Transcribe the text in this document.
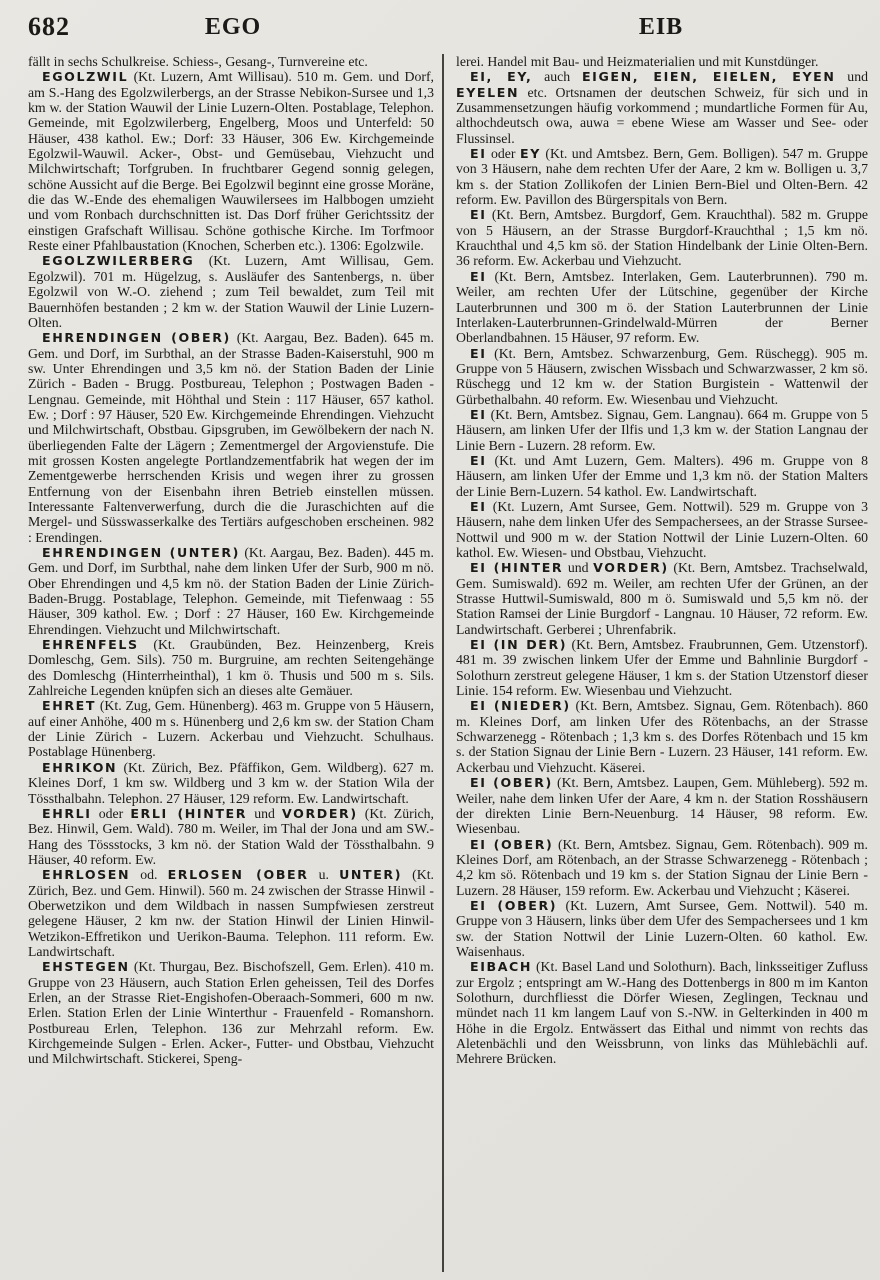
682	EGO	EIB

fällt in sechs Schulkreise. Schiess-, Gesang-, Turnvereine etc.

EGOLZWIL (Kt. Luzern, Amt Willisau). 510 m. Gem. und Dorf, am S.-Hang des Egolzwilerbergs, an der Strasse Nebikon-Sursee und 1,3 km w. der Station Wauwil der Linie Luzern-Olten. Postablage, Telephon. Gemeinde, mit Egolzwilerberg, Engelberg, Moos und Unterfeld: 50 Häuser, 438 kathol. Ew.; Dorf: 33 Häuser, 306 Ew. Kirchgemeinde Egolzwil-Wauwil. Acker-, Obst- und Gemüsebau, Viehzucht und Milchwirtschaft; Torfgruben. In fruchtbarer Gegend sonnig gelegen, schöne Aussicht auf die Berge. Bei Egolzwil beginnt eine grosse Moräne, die das W.-Ende des ehemaligen Wauwilersees im Halbbogen umzieht und vom Ronbach durchschnitten ist. Das Dorf früher Gerichtssitz der einstigen Grafschaft Willisau. Schöne gothische Kirche. Im Torfmoor Reste einer Pfahlbaustation (Knochen, Scherben etc.). 1306: Egolzwile.

EGOLZWILERBERG (Kt. Luzern, Amt Willisau, Gem. Egolzwil). 701 m. Hügelzug, s. Ausläufer des Santenbergs, n. über Egolzwil von W.-O. ziehend ; zum Teil bewaldet, zum Teil mit Bauernhöfen bestanden ; 2 km w. der Station Wauwil der Linie Luzern-Olten.

EHRENDINGEN (OBER) (Kt. Aargau, Bez. Baden). 645 m. Gem. und Dorf, im Surbthal, an der Strasse Baden-Kaiserstuhl, 900 m sw. Unter Ehrendingen und 3,5 km nö. der Station Baden der Linie Zürich - Baden - Brugg. Postbureau, Telephon ; Postwagen Baden - Lengnau. Gemeinde, mit Höhthal und Stein : 117 Häuser, 657 kathol. Ew. ; Dorf : 97 Häuser, 520 Ew. Kirchgemeinde Ehrendingen. Viehzucht und Milchwirtschaft, Obstbau. Gipsgruben, im Gewölbekern der nach N. überliegenden Falte der Lägern ; Zementmergel der Argovienstufe. Die mit grossen Kosten angelegte Portlandzementfabrik hat wegen der im Zementgewerbe herrschenden Krisis und wegen ihrer zu grossen Entfernung von der Eisenbahn ihren Betrieb einstellen müssen. Interessante Faltenverwerfung, durch die die Juraschichten auf die Mergel- und Süsswasserkalke des Tertiärs aufgeschoben erscheinen. 982 : Erendingen.

EHRENDINGEN (UNTER) (Kt. Aargau, Bez. Baden). 445 m. Gem. und Dorf, im Surbthal, nahe dem linken Ufer der Surb, 900 m nö. Ober Ehrendingen und 4,5 km nö. der Station Baden der Linie Zürich-Baden-Brugg. Postablage, Telephon. Gemeinde, mit Tiefenwaag : 55 Häuser, 309 kathol. Ew. ; Dorf : 27 Häuser, 160 Ew. Kirchgemeinde Ehrendingen. Viehzucht und Milchwirtschaft.

EHRENFELS (Kt. Graubünden, Bez. Heinzenberg, Kreis Domleschg, Gem. Sils). 750 m. Burgruine, am rechten Seitengehänge des Domleschg (Hinterrheinthal), 1 km ö. Thusis und 500 m s. Sils. Zahlreiche Legenden knüpfen sich an dieses alte Gemäuer.

EHRET (Kt. Zug, Gem. Hünenberg). 463 m. Gruppe von 5 Häusern, auf einer Anhöhe, 400 m s. Hünenberg und 2,6 km sw. der Station Cham der Linie Zürich - Luzern. Ackerbau und Viehzucht. Schulhaus. Postablage Hünenberg.

EHRIKON (Kt. Zürich, Bez. Pfäffikon, Gem. Wildberg). 627 m. Kleines Dorf, 1 km sw. Wildberg und 3 km w. der Station Wila der Tössthalbahn. Telephon. 27 Häuser, 129 reform. Ew. Landwirtschaft.

EHRLI oder ERLI (HINTER und VORDER) (Kt. Zürich, Bez. Hinwil, Gem. Wald). 780 m. Weiler, im Thal der Jona und am SW.-Hang des Tössstocks, 3 km nö. der Station Wald der Tössthalbahn. 9 Häuser, 40 reform. Ew.

EHRLOSEN od. ERLOSEN (OBER u. UNTER) (Kt. Zürich, Bez. und Gem. Hinwil). 560 m. 24 zwischen der Strasse Hinwil - Oberwetzikon und dem Wildbach in nassen Sumpfwiesen zerstreut gelegene Häuser, 2 km nw. der Station Hinwil der Linien Hinwil-Wetzikon-Effretikon und Uerikon-Bauma. Telephon. 111 reform. Ew. Landwirtschaft.

EHSTEGEN (Kt. Thurgau, Bez. Bischofszell, Gem. Erlen). 410 m. Gruppe von 23 Häusern, auch Station Erlen geheissen, Teil des Dorfes Erlen, an der Strasse Riet-Engishofen-Oberaach-Sommeri, 600 m nw. Erlen. Station Erlen der Linie Winterthur - Frauenfeld - Romanshorn. Postbureau Erlen, Telephon. 136 zur Mehrzahl reform. Ew. Kirchgemeinde Sulgen - Erlen. Acker-, Futter- und Obstbau, Viehzucht und Milchwirtschaft. Stickerei, Speng-

lerei. Handel mit Bau- und Heizmaterialien und mit Kunstdünger.

EI, EY, auch EIGEN, EIEN, EIELEN, EYEN und EYELEN etc. Ortsnamen der deutschen Schweiz, für sich und in Zusammensetzungen häufig vorkommend ; mundartliche Formen für Au, althochdeutsch owa, auwa = ebene Wiese am Wasser und See- oder Flussinsel.

EI oder EY (Kt. und Amtsbez. Bern, Gem. Bolligen). 547 m. Gruppe von 3 Häusern, nahe dem rechten Ufer der Aare, 2 km w. Bolligen u. 3,7 km s. der Station Zollikofen der Linien Bern-Biel und Olten-Bern. 42 reform. Ew. Pavillon des Bürgerspitals von Bern.

EI (Kt. Bern, Amtsbez. Burgdorf, Gem. Krauchthal). 582 m. Gruppe von 5 Häusern, an der Strasse Burgdorf-Krauchthal ; 1,5 km nö. Krauchthal und 4,5 km sö. der Station Hindelbank der Linie Olten-Bern. 36 reform. Ew. Ackerbau und Viehzucht.

EI (Kt. Bern, Amtsbez. Interlaken, Gem. Lauterbrunnen). 790 m. Weiler, am rechten Ufer der Lütschine, gegenüber der Kirche Lauterbrunnen und 300 m ö. der Station Lauterbrunnen der Linie Interlaken-Lauterbrunnen-Grindelwald-Mürren der Berner Oberlandbahnen. 15 Häuser, 97 reform. Ew.

EI (Kt. Bern, Amtsbez. Schwarzenburg, Gem. Rüschegg). 905 m. Gruppe von 5 Häusern, zwischen Wissbach und Schwarzwasser, 2 km sö. Rüschegg und 12 km w. der Station Burgistein - Wattenwil der Gürbethalbahn. 40 reform. Ew. Wiesenbau und Viehzucht.

EI (Kt. Bern, Amtsbez. Signau, Gem. Langnau). 664 m. Gruppe von 5 Häusern, am linken Ufer der Ilfis und 1,3 km w. der Station Langnau der Linie Bern - Luzern. 28 reform. Ew.

EI (Kt. und Amt Luzern, Gem. Malters). 496 m. Gruppe von 8 Häusern, am linken Ufer der Emme und 1,3 km nö. der Station Malters der Linie Bern-Luzern. 54 kathol. Ew. Landwirtschaft.

EI (Kt. Luzern, Amt Sursee, Gem. Nottwil). 529 m. Gruppe von 3 Häusern, nahe dem linken Ufer des Sempachersees, an der Strasse Sursee-Nottwil und 900 m w. der Station Nottwil der Linie Luzern-Olten. 60 kathol. Ew. Wiesen- und Obstbau, Viehzucht.

EI (HINTER und VORDER) (Kt. Bern, Amtsbez. Trachselwald, Gem. Sumiswald). 692 m. Weiler, am rechten Ufer der Grünen, an der Strasse Huttwil-Sumiswald, 800 m ö. Sumiswald und 5,5 km nö. der Station Ramsei der Linie Burgdorf - Langnau. 10 Häuser, 72 reform. Ew. Landwirtschaft. Gerberei ; Uhrenfabrik.

EI (IN DER) (Kt. Bern, Amtsbez. Fraubrunnen, Gem. Utzenstorf). 481 m. 39 zwischen linkem Ufer der Emme und Bahnlinie Burgdorf - Solothurn zerstreut gelegene Häuser, 1 km s. der Station Utzenstorf dieser Linie. 154 reform. Ew. Wiesenbau und Viehzucht.

EI (NIEDER) (Kt. Bern, Amtsbez. Signau, Gem. Rötenbach). 860 m. Kleines Dorf, am linken Ufer des Rötenbachs, an der Strasse Schwarzenegg - Rötenbach ; 1,3 km s. des Dorfes Rötenbach und 15 km s. der Station Signau der Linie Bern - Luzern. 23 Häuser, 141 reform. Ew. Ackerbau und Viehzucht. Käserei.

EI (OBER) (Kt. Bern, Amtsbez. Laupen, Gem. Mühleberg). 592 m. Weiler, nahe dem linken Ufer der Aare, 4 km n. der Station Rosshäusern der direkten Linie Bern-Neuenburg. 14 Häuser, 98 reform. Ew. Wiesenbau.

EI (OBER) (Kt. Bern, Amtsbez. Signau, Gem. Rötenbach). 909 m. Kleines Dorf, am Rötenbach, an der Strasse Schwarzenegg - Rötenbach ; 4,2 km sö. Rötenbach und 19 km s. der Station Signau der Linie Bern - Luzern. 28 Häuser, 159 reform. Ew. Ackerbau und Viehzucht ; Käserei.

EI (OBER) (Kt. Luzern, Amt Sursee, Gem. Nottwil). 540 m. Gruppe von 3 Häusern, links über dem Ufer des Sempachersees und 1 km sw. der Station Nottwil der Linie Luzern-Olten. 60 kathol. Ew. Waisenhaus.

EIBACH (Kt. Basel Land und Solothurn). Bach, linksseitiger Zufluss zur Ergolz ; entspringt am W.-Hang des Dottenbergs in 800 m im Kanton Solothurn, durchfliesst die Dörfer Wiesen, Zeglingen, Tecknau und mündet nach 11 km langem Lauf von S.-NW. in Gelterkinden in 400 m Höhe in die Ergolz. Entwässert das Eithal und nimmt von rechts das Aletenbächli und den Weissbrunn, von links das Mühlebächli auf. Mehrere Brücken.
